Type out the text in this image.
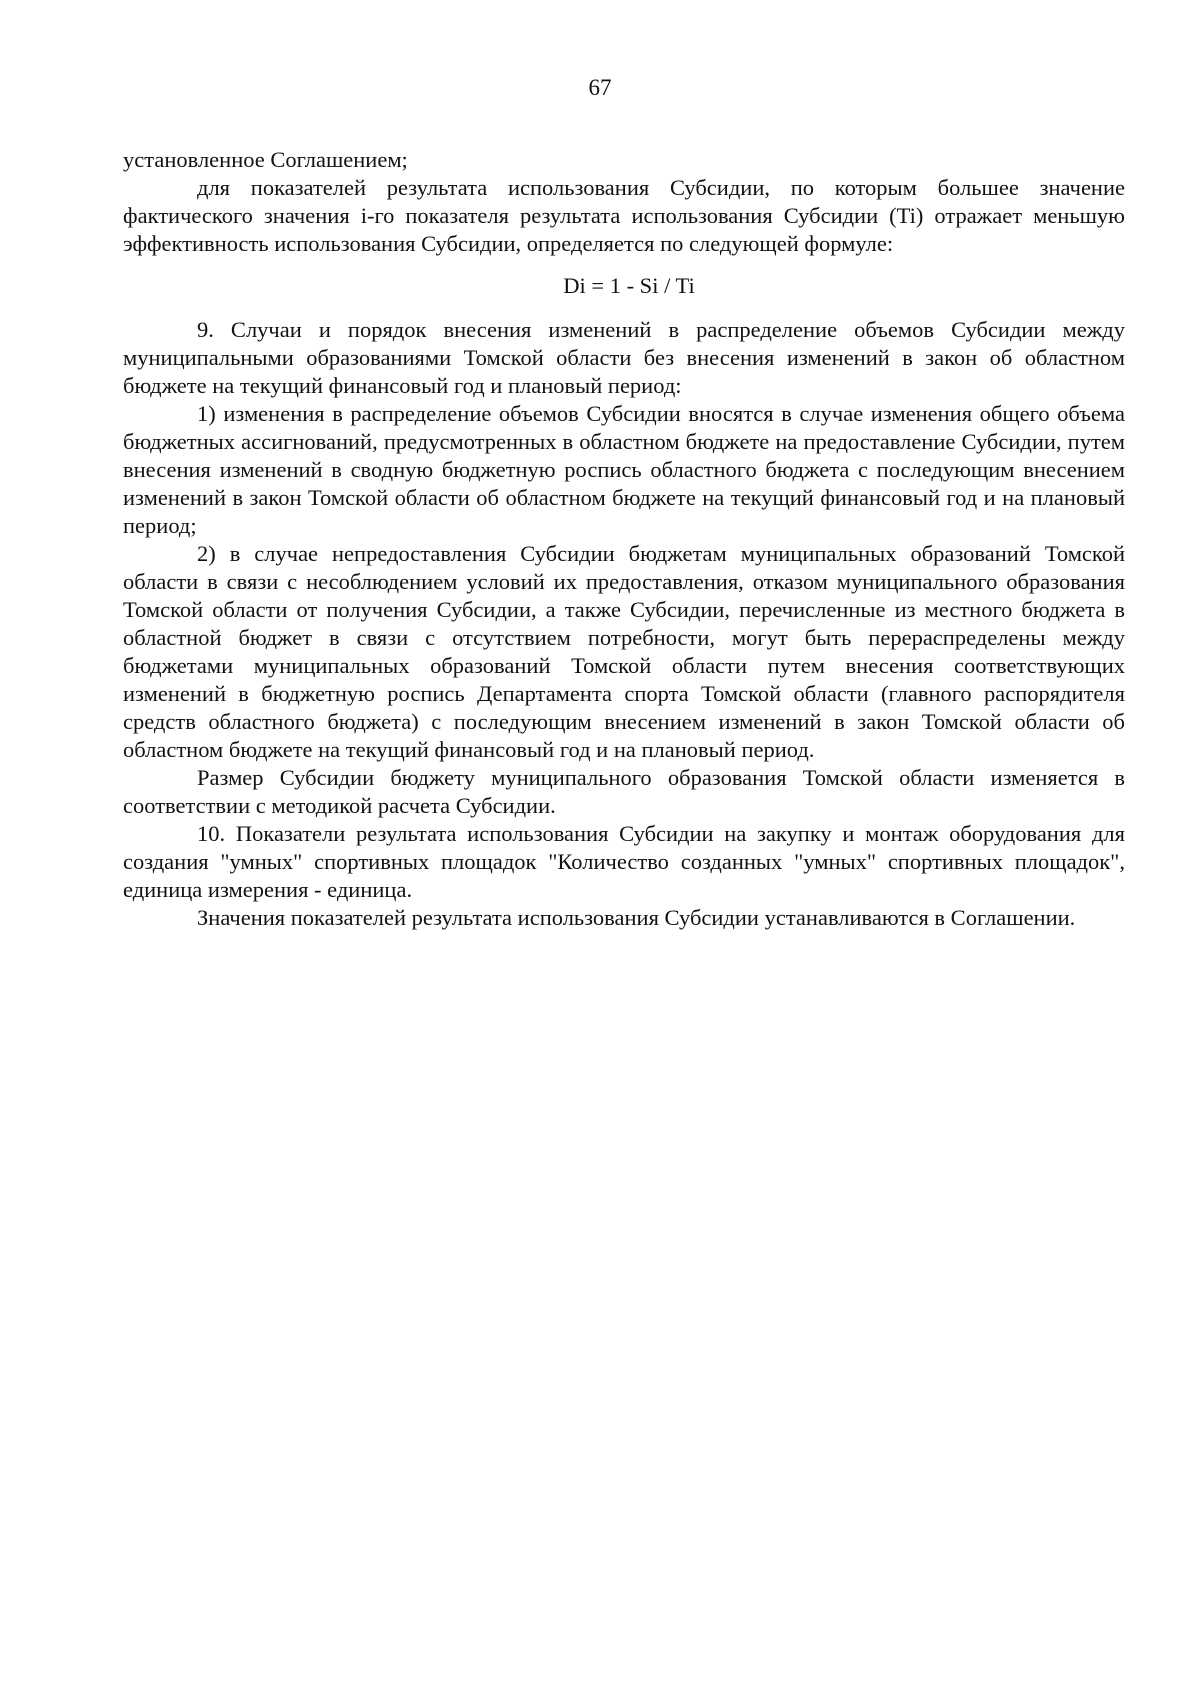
67

установленное Соглашением;

для показателей результата использования Субсидии, по которым большее значение фактического значения i-го показателя результата использования Субсидии (Ti) отражает меньшую эффективность использования Субсидии, определяется по следующей формуле:

Di = 1 - Si / Ti

9. Случаи и порядок внесения изменений в распределение объемов Субсидии между муниципальными образованиями Томской области без внесения изменений в закон об областном бюджете на текущий финансовый год и плановый период:

1) изменения в распределение объемов Субсидии вносятся в случае изменения общего объема бюджетных ассигнований, предусмотренных в областном бюджете на предоставление Субсидии, путем внесения изменений в сводную бюджетную роспись областного бюджета с последующим внесением изменений в закон Томской области об областном бюджете на текущий финансовый год и на плановый период;

2) в случае непредоставления Субсидии бюджетам муниципальных образований Томской области в связи с несоблюдением условий их предоставления, отказом муниципального образования Томской области от получения Субсидии, а также Субсидии, перечисленные из местного бюджета в областной бюджет в связи с отсутствием потребности, могут быть перераспределены между бюджетами муниципальных образований Томской области путем внесения соответствующих изменений в бюджетную роспись Департамента спорта Томской области (главного распорядителя средств областного бюджета) с последующим внесением изменений в закон Томской области об областном бюджете на текущий финансовый год и на плановый период.

Размер Субсидии бюджету муниципального образования Томской области изменяется в соответствии с методикой расчета Субсидии.

10. Показатели результата использования Субсидии на закупку и монтаж оборудования для создания "умных" спортивных площадок "Количество созданных "умных" спортивных площадок", единица измерения - единица.

Значения показателей результата использования Субсидии устанавливаются в Соглашении.
